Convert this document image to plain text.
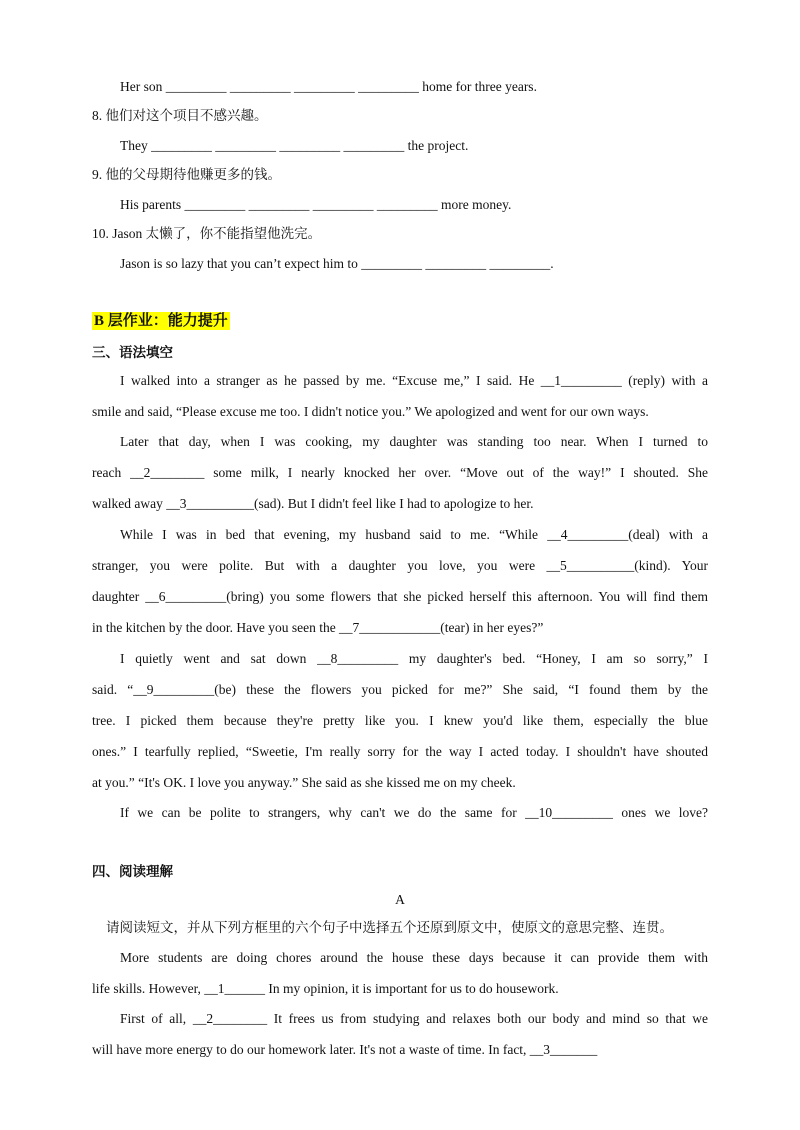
Her son _________ _________ _________ _________ home for three years.
8. 他们对这个项目不感兴趣。
They _________ _________ _________ _________ the project.
9. 他的父母期待他赚更多的钱。
His parents _________ _________ _________ _________ more money.
10. Jason 太懒了，你不能指望他洗完。
Jason is so lazy that you can’t expect him to _________ _________ _________.
B 层作业：能力提升
三、语法填空
I walked into a stranger as he passed by me. “Excuse me,” I said. He __1_________ (reply) with a
smile and said, “Please excuse me too. I didn't notice you.” We apologized and went for our own ways.
Later that day, when I was cooking, my daughter was standing too near. When I turned to
reach __2________ some milk, I nearly knocked her over. “Move out of the way!” I shouted. She
walked away __3__________(sad). But I didn't feel like I had to apologize to her.
While I was in bed that evening, my husband said to me. “While __4_________(deal) with a
stranger, you were polite. But with a daughter you love, you were __5__________(kind). Your
daughter __6_________(bring) you some flowers that she picked herself this afternoon. You will find them
in the kitchen by the door. Have you seen the __7____________(tear) in her eyes?”
I quietly went and sat down __8_________ my daughter's bed. “Honey, I am so sorry,” I
said. “__9_________(be) these the flowers you picked for me?” She said, “I found them by the
tree. I picked them because they're pretty like you. I knew you'd like them, especially the blue
ones.” I tearfully replied, “Sweetie, I'm really sorry for the way I acted today. I shouldn't have shouted
at you.” “It's OK. I love you anyway.” She said as she kissed me on my cheek.
If we can be polite to strangers, why can't we do the same for __10_________ ones we love?
四、阅读理解
A
请阅读短文，并从下列方框里的六个句子中选择五个还原到原文中，使原文的意思完整、连贯。
More students are doing chores around the house these days because it can provide them with
life skills. However, __1______ In my opinion, it is important for us to do housework.
First of all, __2________ It frees us from studying and relaxes both our body and mind so that we
will have more energy to do our homework later. It's not a waste of time. In fact, __3_______
